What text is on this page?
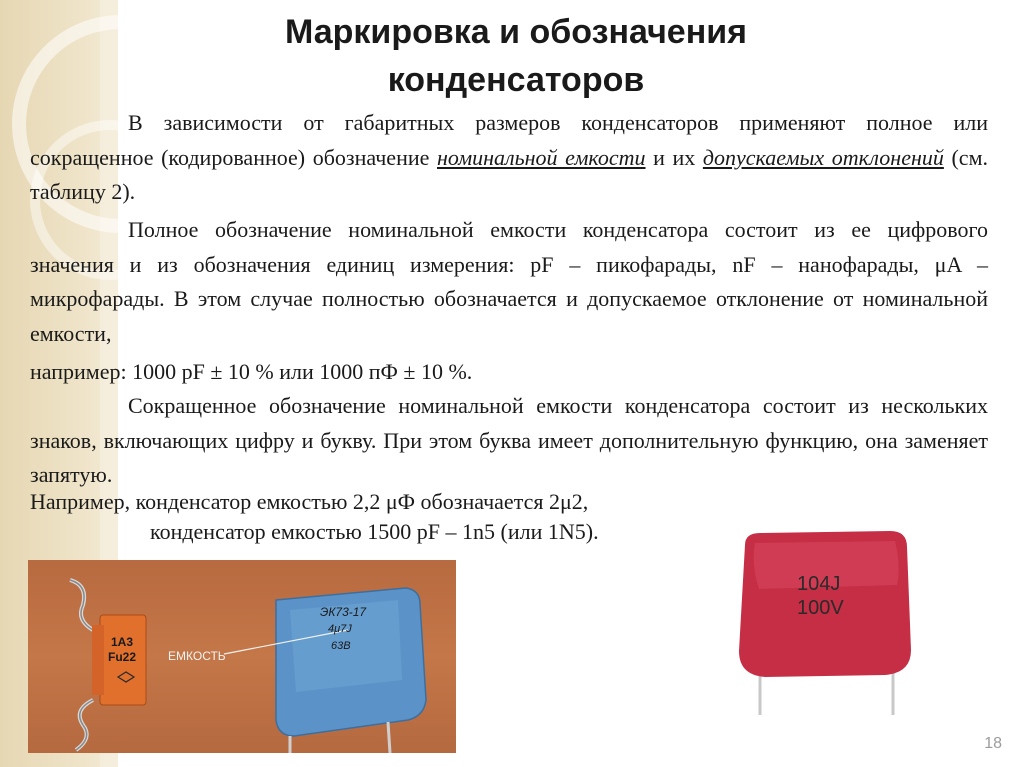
Маркировка и обозначения
конденсаторов
В зависимости от габаритных размеров конденсаторов применяют полное или сокращенное (кодированное) обозначение номинальной емкости и их допускаемых отклонений (см. таблицу 2).
Полное обозначение номинальной емкости конденсатора состоит из ее цифрового значения и из обозначения единиц измерения: pF – пикофарады, nF – нанофарады, μA – микрофарады. В этом случае полностью обозначается и допускаемое отклонение от номинальной емкости,
например: 1000 pF ± 10 % или 1000 пФ ± 10 %.
Сокращенное обозначение номинальной емкости конденсатора состоит из нескольких знаков, включающих цифру и букву. При этом буква имеет дополнительную функцию, она заменяет запятую.
Например, конденсатор емкостью 2,2 μФ обозначается 2μ2,
конденсатор емкостью 1500 pF – 1n5 (или 1N5).
1A3
Fu22	ЕМКОСТЬ
ЭК73-17
4μ7J
63B
104J
100V
18
